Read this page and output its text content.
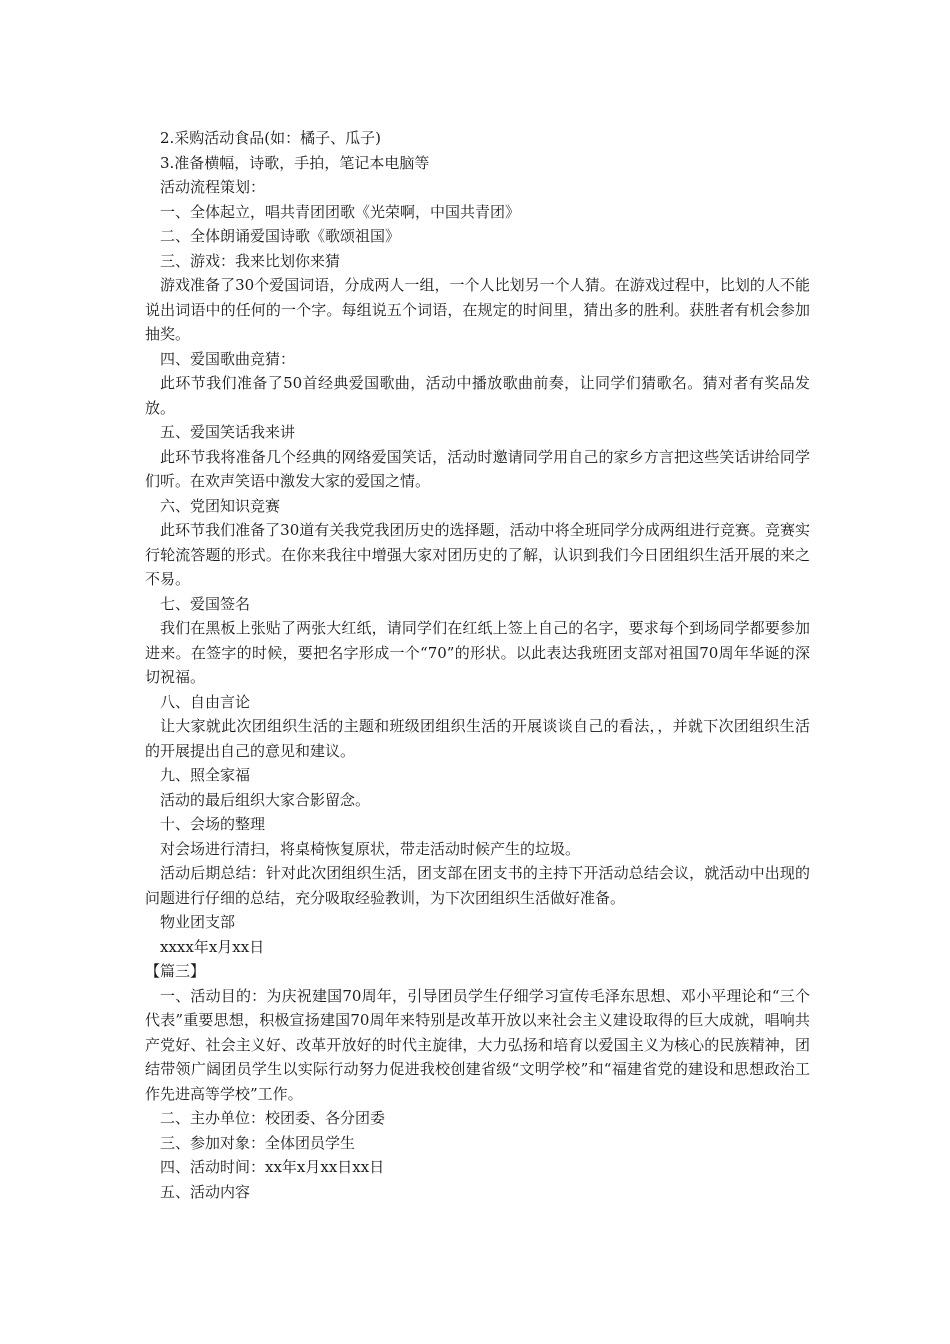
2.采购活动食品(如：橘子、瓜子)

3.准备横幅，诗歌，手拍，笔记本电脑等

活动流程策划：

一、全体起立，唱共青团团歌《光荣啊，中国共青团》

二、全体朗诵爱国诗歌《歌颂祖国》

三、游戏：我来比划你来猜

游戏准备了30个爱国词语，分成两人一组，一个人比划另一个人猜。在游戏过程中，比划的人不能说出词语中的任何的一个字。每组说五个词语，在规定的时间里，猜出多的胜利。获胜者有机会参加抽奖。

四、爱国歌曲竞猜：

此环节我们准备了50首经典爱国歌曲，活动中播放歌曲前奏，让同学们猜歌名。猜对者有奖品发放。

五、爱国笑话我来讲

此环节我将准备几个经典的网络爱国笑话，活动时邀请同学用自己的家乡方言把这些笑话讲给同学们听。在欢声笑语中激发大家的爱国之情。

六、党团知识竞赛

此环节我们准备了30道有关我党我团历史的选择题，活动中将全班同学分成两组进行竞赛。竞赛实行轮流答题的形式。在你来我往中增强大家对团历史的了解，认识到我们今日团组织生活开展的来之不易。

七、爱国签名

我们在黑板上张贴了两张大红纸，请同学们在红纸上签上自己的名字，要求每个到场同学都要参加进来。在签字的时候，要把名字形成一个“70”的形状。以此表达我班团支部对祖国70周年华诞的深切祝福。

八、自由言论

让大家就此次团组织生活的主题和班级团组织生活的开展谈谈自己的看法，，并就下次团组织生活的开展提出自己的意见和建议。

九、照全家福

活动的最后组织大家合影留念。

十、会场的整理

对会场进行清扫，将桌椅恢复原状，带走活动时候产生的垃圾。

活动后期总结：针对此次团组织生活，团支部在团支书的主持下开活动总结会议，就活动中出现的问题进行仔细的总结，充分吸取经验教训，为下次团组织生活做好准备。

物业团支部

xxxx年x月xx日

【篇三】

一、活动目的：为庆祝建国70周年，引导团员学生仔细学习宣传毛泽东思想、邓小平理论和“三个代表”重要思想，积极宣扬建国70周年来特别是改革开放以来社会主义建设取得的巨大成就，唱响共产党好、社会主义好、改革开放好的时代主旋律，大力弘扬和培育以爱国主义为核心的民族精神，团结带领广阔团员学生以实际行动努力促进我校创建省级“文明学校”和“福建省党的建设和思想政治工作先进高等学校”工作。

二、主办单位：校团委、各分团委

三、参加对象：全体团员学生

四、活动时间：xx年x月xx日xx日

五、活动内容
